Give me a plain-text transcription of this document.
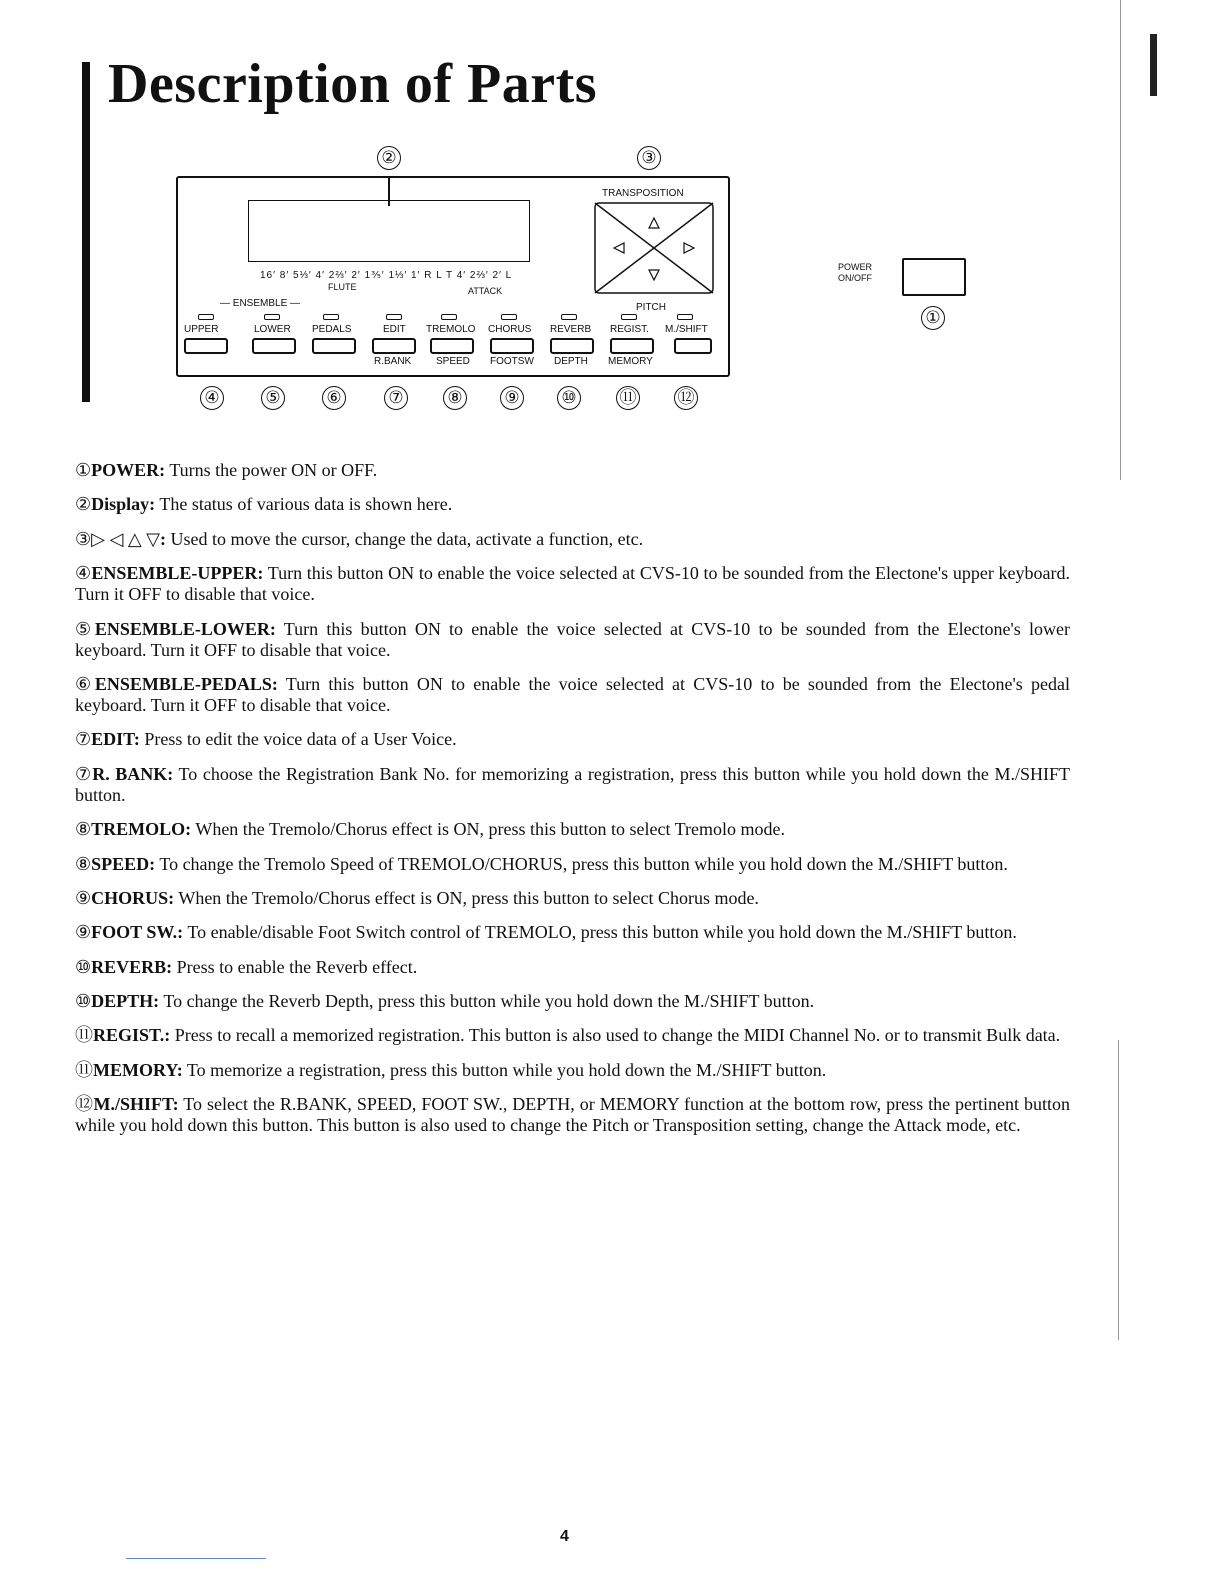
Description of Parts
②	③
16′ 8′ 5⅓′ 4′ 2⅔′ 2′ 1⅗′ 1⅓′ 1′ R L T 4′ 2⅔′ 2′ L
FLUTE	ATTACK
— ENSEMBLE —
TRANSPOSITION
PITCH
UPPER	LOWER PEDALS	EDIT TREMOLO CHORUS REVERB REGIST. M./SHIFT
R.BANK SPEED FOOTSW DEPTH MEMORY
④	⑤	⑥	⑦	⑧ ⑨ ⑩	⑪ ⑫
POWER
ON/OFF
①

①POWER: Turns the power ON or OFF.

②Display: The status of various data is shown here.

③▷ ◁ △ ▽: Used to move the cursor, change the data, activate a function, etc.

④ENSEMBLE-UPPER: Turn this button ON to enable the voice selected at CVS-10 to be sounded from the Electone's upper keyboard. Turn it OFF to disable that voice.

⑤ENSEMBLE-LOWER: Turn this button ON to enable the voice selected at CVS-10 to be sounded from the Electone's lower keyboard. Turn it OFF to disable that voice.

⑥ENSEMBLE-PEDALS: Turn this button ON to enable the voice selected at CVS-10 to be sounded from the Electone's pedal keyboard. Turn it OFF to disable that voice.

⑦EDIT: Press to edit the voice data of a User Voice.

⑦R. BANK: To choose the Registration Bank No. for memorizing a registration, press this button while you hold down the M./SHIFT button.

⑧TREMOLO: When the Tremolo/Chorus effect is ON, press this button to select Tremolo mode.

⑧SPEED: To change the Tremolo Speed of TREMOLO/CHORUS, press this button while you hold down the M./SHIFT button.

⑨CHORUS: When the Tremolo/Chorus effect is ON, press this button to select Chorus mode.

⑨FOOT SW.: To enable/disable Foot Switch control of TREMOLO, press this button while you hold down the M./SHIFT button.

⑩REVERB: Press to enable the Reverb effect.

⑩DEPTH: To change the Reverb Depth, press this button while you hold down the M./SHIFT button.

⑪REGIST.: Press to recall a memorized registration. This button is also used to change the MIDI Channel No. or to transmit Bulk data.

⑪MEMORY: To memorize a registration, press this button while you hold down the M./SHIFT button.

⑫M./SHIFT: To select the R.BANK, SPEED, FOOT SW., DEPTH, or MEMORY function at the bottom row, press the pertinent button while you hold down this button. This button is also used to change the Pitch or Transposition setting, change the Attack mode, etc.

4
